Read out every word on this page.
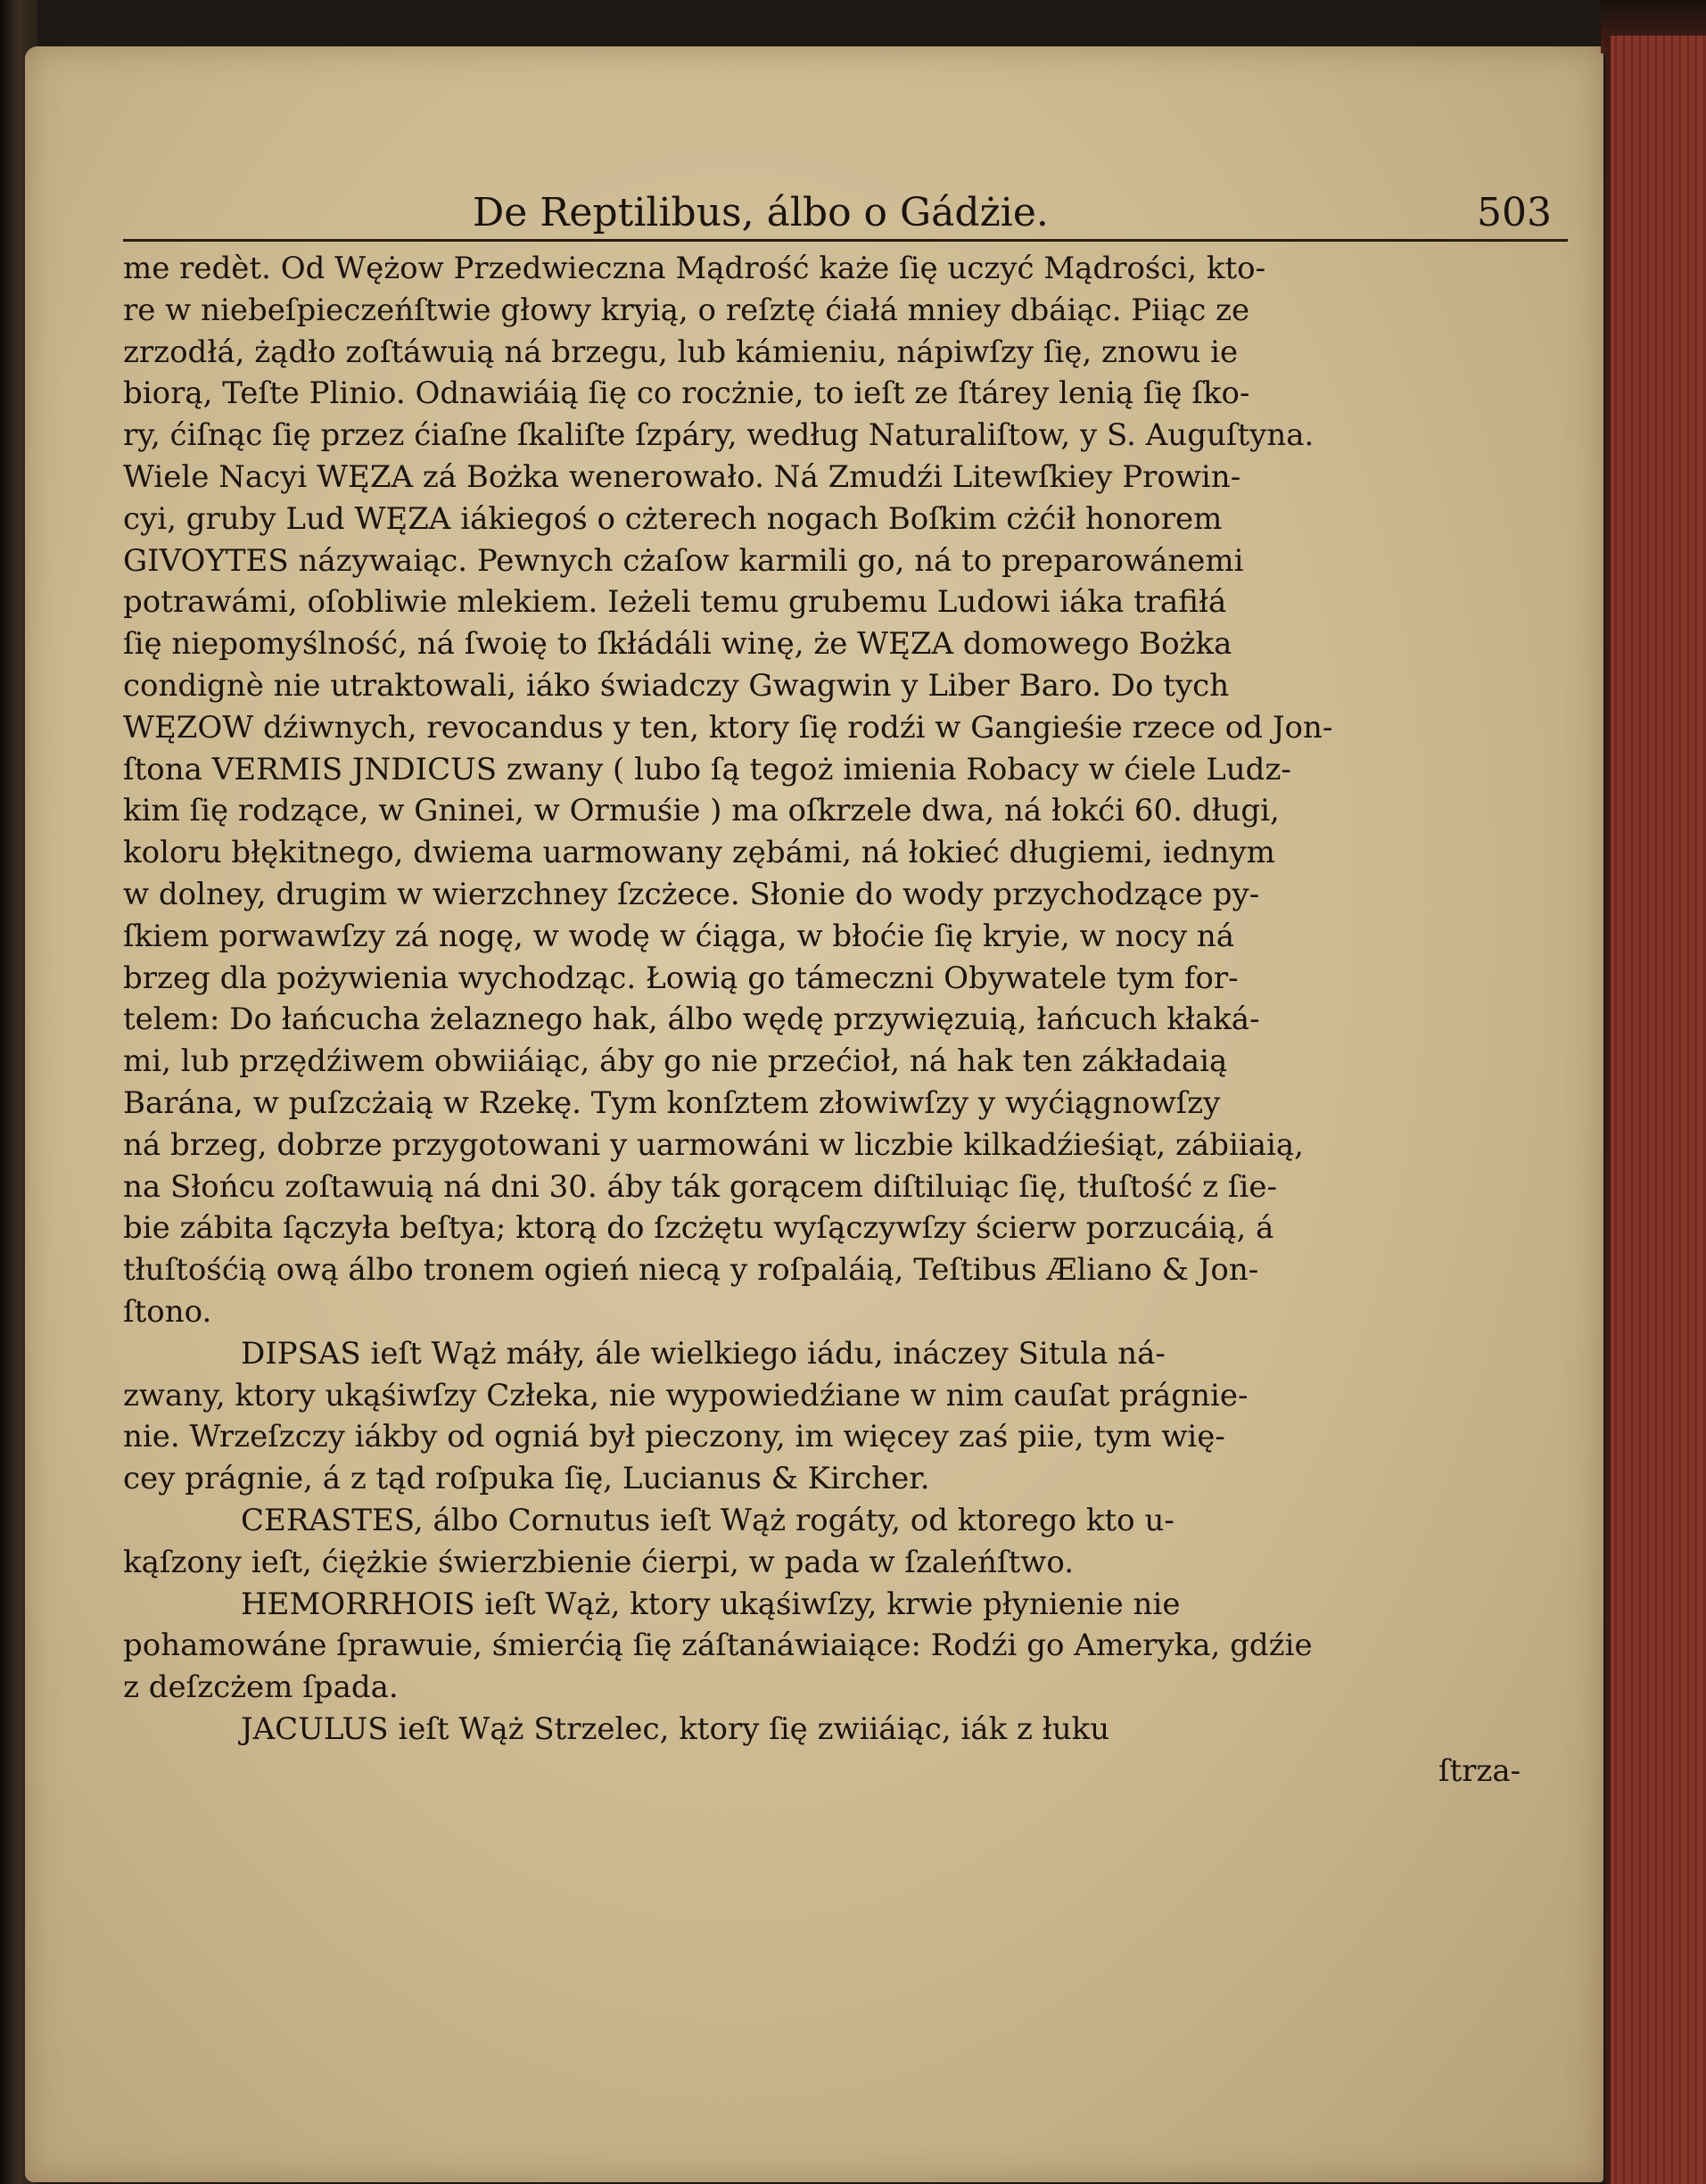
De Reptilibus, álbo o Gádżie.	503
me redèt. Od Wężow Przedwieczna Mądrość każe ſię uczyć Mądrości, kto-
re w niebeſpieczeńſtwie głowy kryią, o reſztę ćiałá mniey dbáiąc. Piiąc ze
zrzodłá, żądło zoſtáwuią ná brzegu, lub kámieniu, nápiwſzy ſię, znowu ie
biorą, Teſte Plinio. Odnawiáią ſię co rocżnie, to ieſt ze ſtárey lenią ſię ſko-
ry, ćiſnąc ſię przez ćiaſne ſkaliſte ſzpáry, według Naturaliſtow, y S. Auguſtyna.
Wiele Nacyi WĘZA zá Bożka wenerowało. Ná Zmudźi Litewſkiey Prowin-
cyi, gruby Lud WĘZA iákiegoś o cżterech nogach Boſkim cżćił honorem
GIVOYTES názywaiąc. Pewnych cżaſow karmili go, ná to preparowánemi
potrawámi, oſobliwie mlekiem. Ieżeli temu grubemu Ludowi iáka trafiłá
ſię niepomyślność, ná ſwoię to ſkłádáli winę, że WĘZA domowego Bożka
condignè nie utraktowali, iáko świadczy Gwagwin y Liber Baro. Do tych
WĘZOW dźiwnych, revocandus y ten, ktory ſię rodźi w Gangieśie rzece od Jon-
ſtona VERMIS JNDICUS zwany ( lubo ſą tegoż imienia Robacy w ćiele Ludz-
kim ſię rodzące, w Gninei, w Ormuśie ) ma oſkrzele dwa, ná łokći 60. długi,
koloru błękitnego, dwiema uarmowany zębámi, ná łokieć długiemi, iednym
w dolney, drugim w wierzchney ſzcżece. Słonie do wody przychodzące py-
ſkiem porwawſzy zá nogę, w wodę w ćiąga, w błoćie ſię kryie, w nocy ná
brzeg dla pożywienia wychodząc. Łowią go támeczni Obywatele tym for-
telem: Do łańcucha żelaznego hak, álbo wędę przywięzuią, łańcuch kłaká-
mi, lub przędźiwem obwiiáiąc, áby go nie przećioł, ná hak ten zákładaią
Barána, w puſzcżaią w Rzekę. Tym konſztem złowiwſzy y wyćiągnowſzy
ná brzeg, dobrze przygotowani y uarmowáni w liczbie kilkadźieśiąt, zábiiaią,
na Słońcu zoſtawuią ná dni 30. áby ták gorącem diſtiluiąc ſię, tłuſtość z ſie-
bie zábita ſączyła beſtya; ktorą do ſzcżętu wyſączywſzy ścierw porzucáią, á
tłuſtośćią ową álbo tronem ogień niecą y roſpaláią, Teſtibus Æliano & Jon-
ſtono.
DIPSAS ieſt Wąż máły, ále wielkiego iádu, ináczey Situla ná-
zwany, ktory ukąśiwſzy Człeka, nie wypowiedźiane w nim cauſat prágnie-
nie. Wrzeſzczy iákby od ogniá był pieczony, im więcey zaś piie, tym wię-
cey prágnie, á z tąd roſpuka ſię, Lucianus & Kircher.
CERASTES, álbo Cornutus ieſt Wąż rogáty, od ktorego kto u-
kąſzony ieſt, ćiężkie świerzbienie ćierpi, w pada w ſzaleńſtwo.
HEMORRHOIS ieſt Wąż, ktory ukąśiwſzy, krwie płynienie nie
pohamowáne ſprawuie, śmierćią ſię záſtanáwiaiące: Rodźi go Ameryka, gdźie
z deſzcżem ſpada.
JACULUS ieſt Wąż Strzelec, ktory ſię zwiiáiąc, iák z łuku
ſtrza-
